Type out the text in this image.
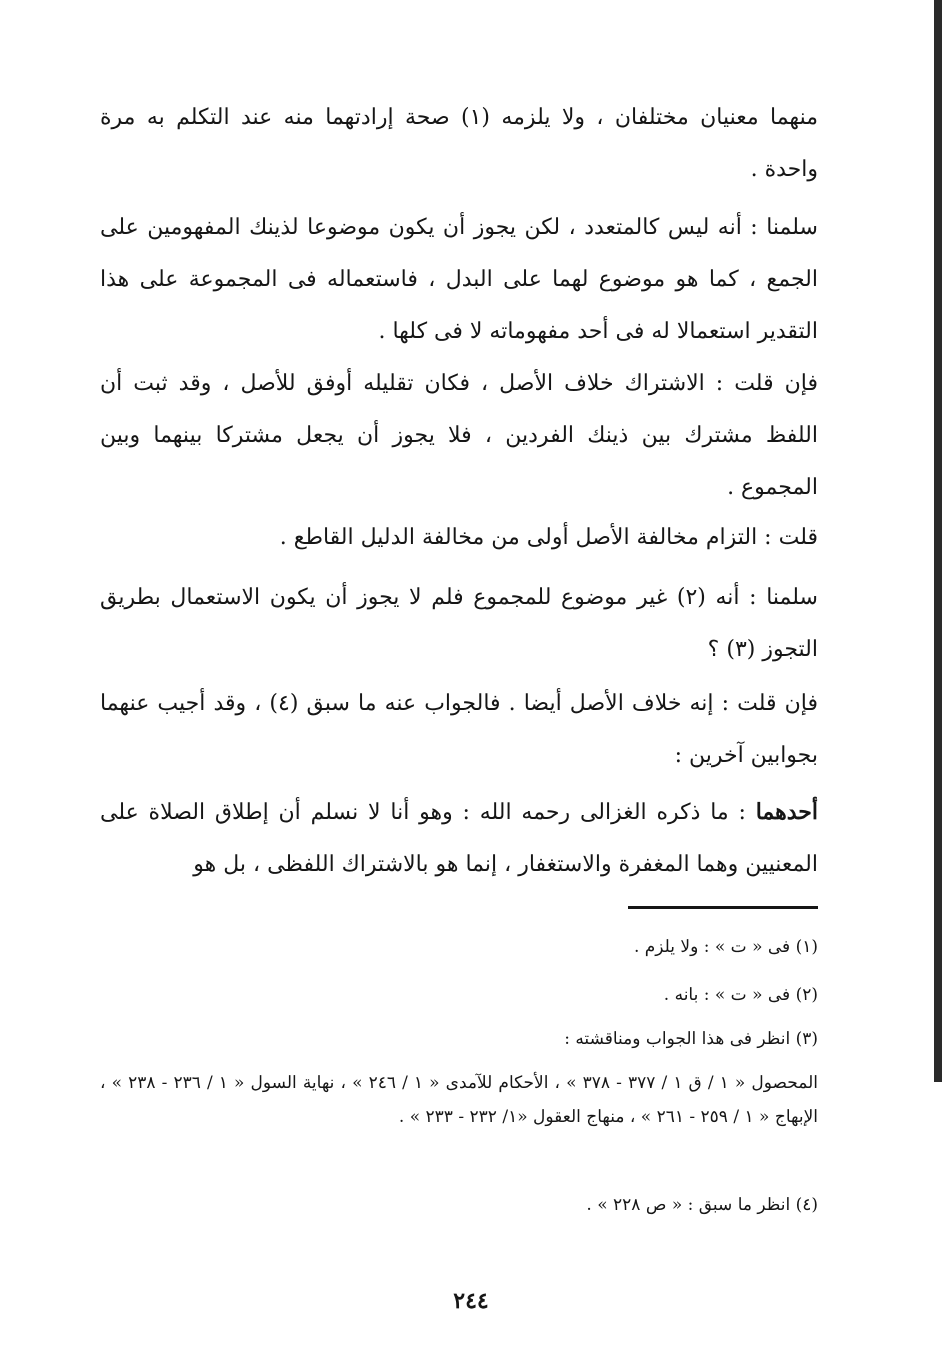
منهما معنيان مختلفان ، ولا يلزمه (١) صحة إرادتهما منه عند التكلم به مرة واحدة .

سلمنا : أنه ليس كالمتعدد ، لكن يجوز أن يكون موضوعا لذينك المفهومين على الجمع ، كما هو موضوع لهما على البدل ، فاستعماله فى المجموعة على هذا التقدير استعمالا له فى أحد مفهوماته لا فى كلها .

فإن قلت : الاشتراك خلاف الأصل ، فكان تقليله أوفق للأصل ، وقد ثبت أن اللفظ مشترك بين ذينك الفردين ، فلا يجوز أن يجعل مشتركا بينهما وبين المجموع .

قلت : التزام مخالفة الأصل أولى من مخالفة الدليل القاطع .

سلمنا : أنه (٢) غير موضوع للمجموع فلم لا يجوز أن يكون الاستعمال بطريق التجوز (٣) ؟

فإن قلت : إنه خلاف الأصل أيضا . فالجواب عنه ما سبق (٤) ، وقد أجيب عنهما بجوابين آخرين :

أحدهما : ما ذكره الغزالى رحمه الله : وهو أنا لا نسلم أن إطلاق الصلاة على المعنيين وهما المغفرة والاستغفار ، إنما هو بالاشتراك اللفظى ، بل هو

(١) فى « ت » : ولا يلزم .

(٢) فى « ت » : بانه .

(٣) انظر فى هذا الجواب ومناقشته :

المحصول « ١ / ق ١ / ٣٧٧ - ٣٧٨ » ، الأحكام للآمدى « ١ / ٢٤٦ » ، نهاية السول « ١ / ٢٣٦ - ٢٣٨ » ، الإبهاج « ١ / ٢٥٩ - ٢٦١ » ، منهاج العقول «١/ ٢٣٢ - ٢٣٣ » .

(٤) انظر ما سبق : « ص ٢٢٨ » .

٢٤٤
